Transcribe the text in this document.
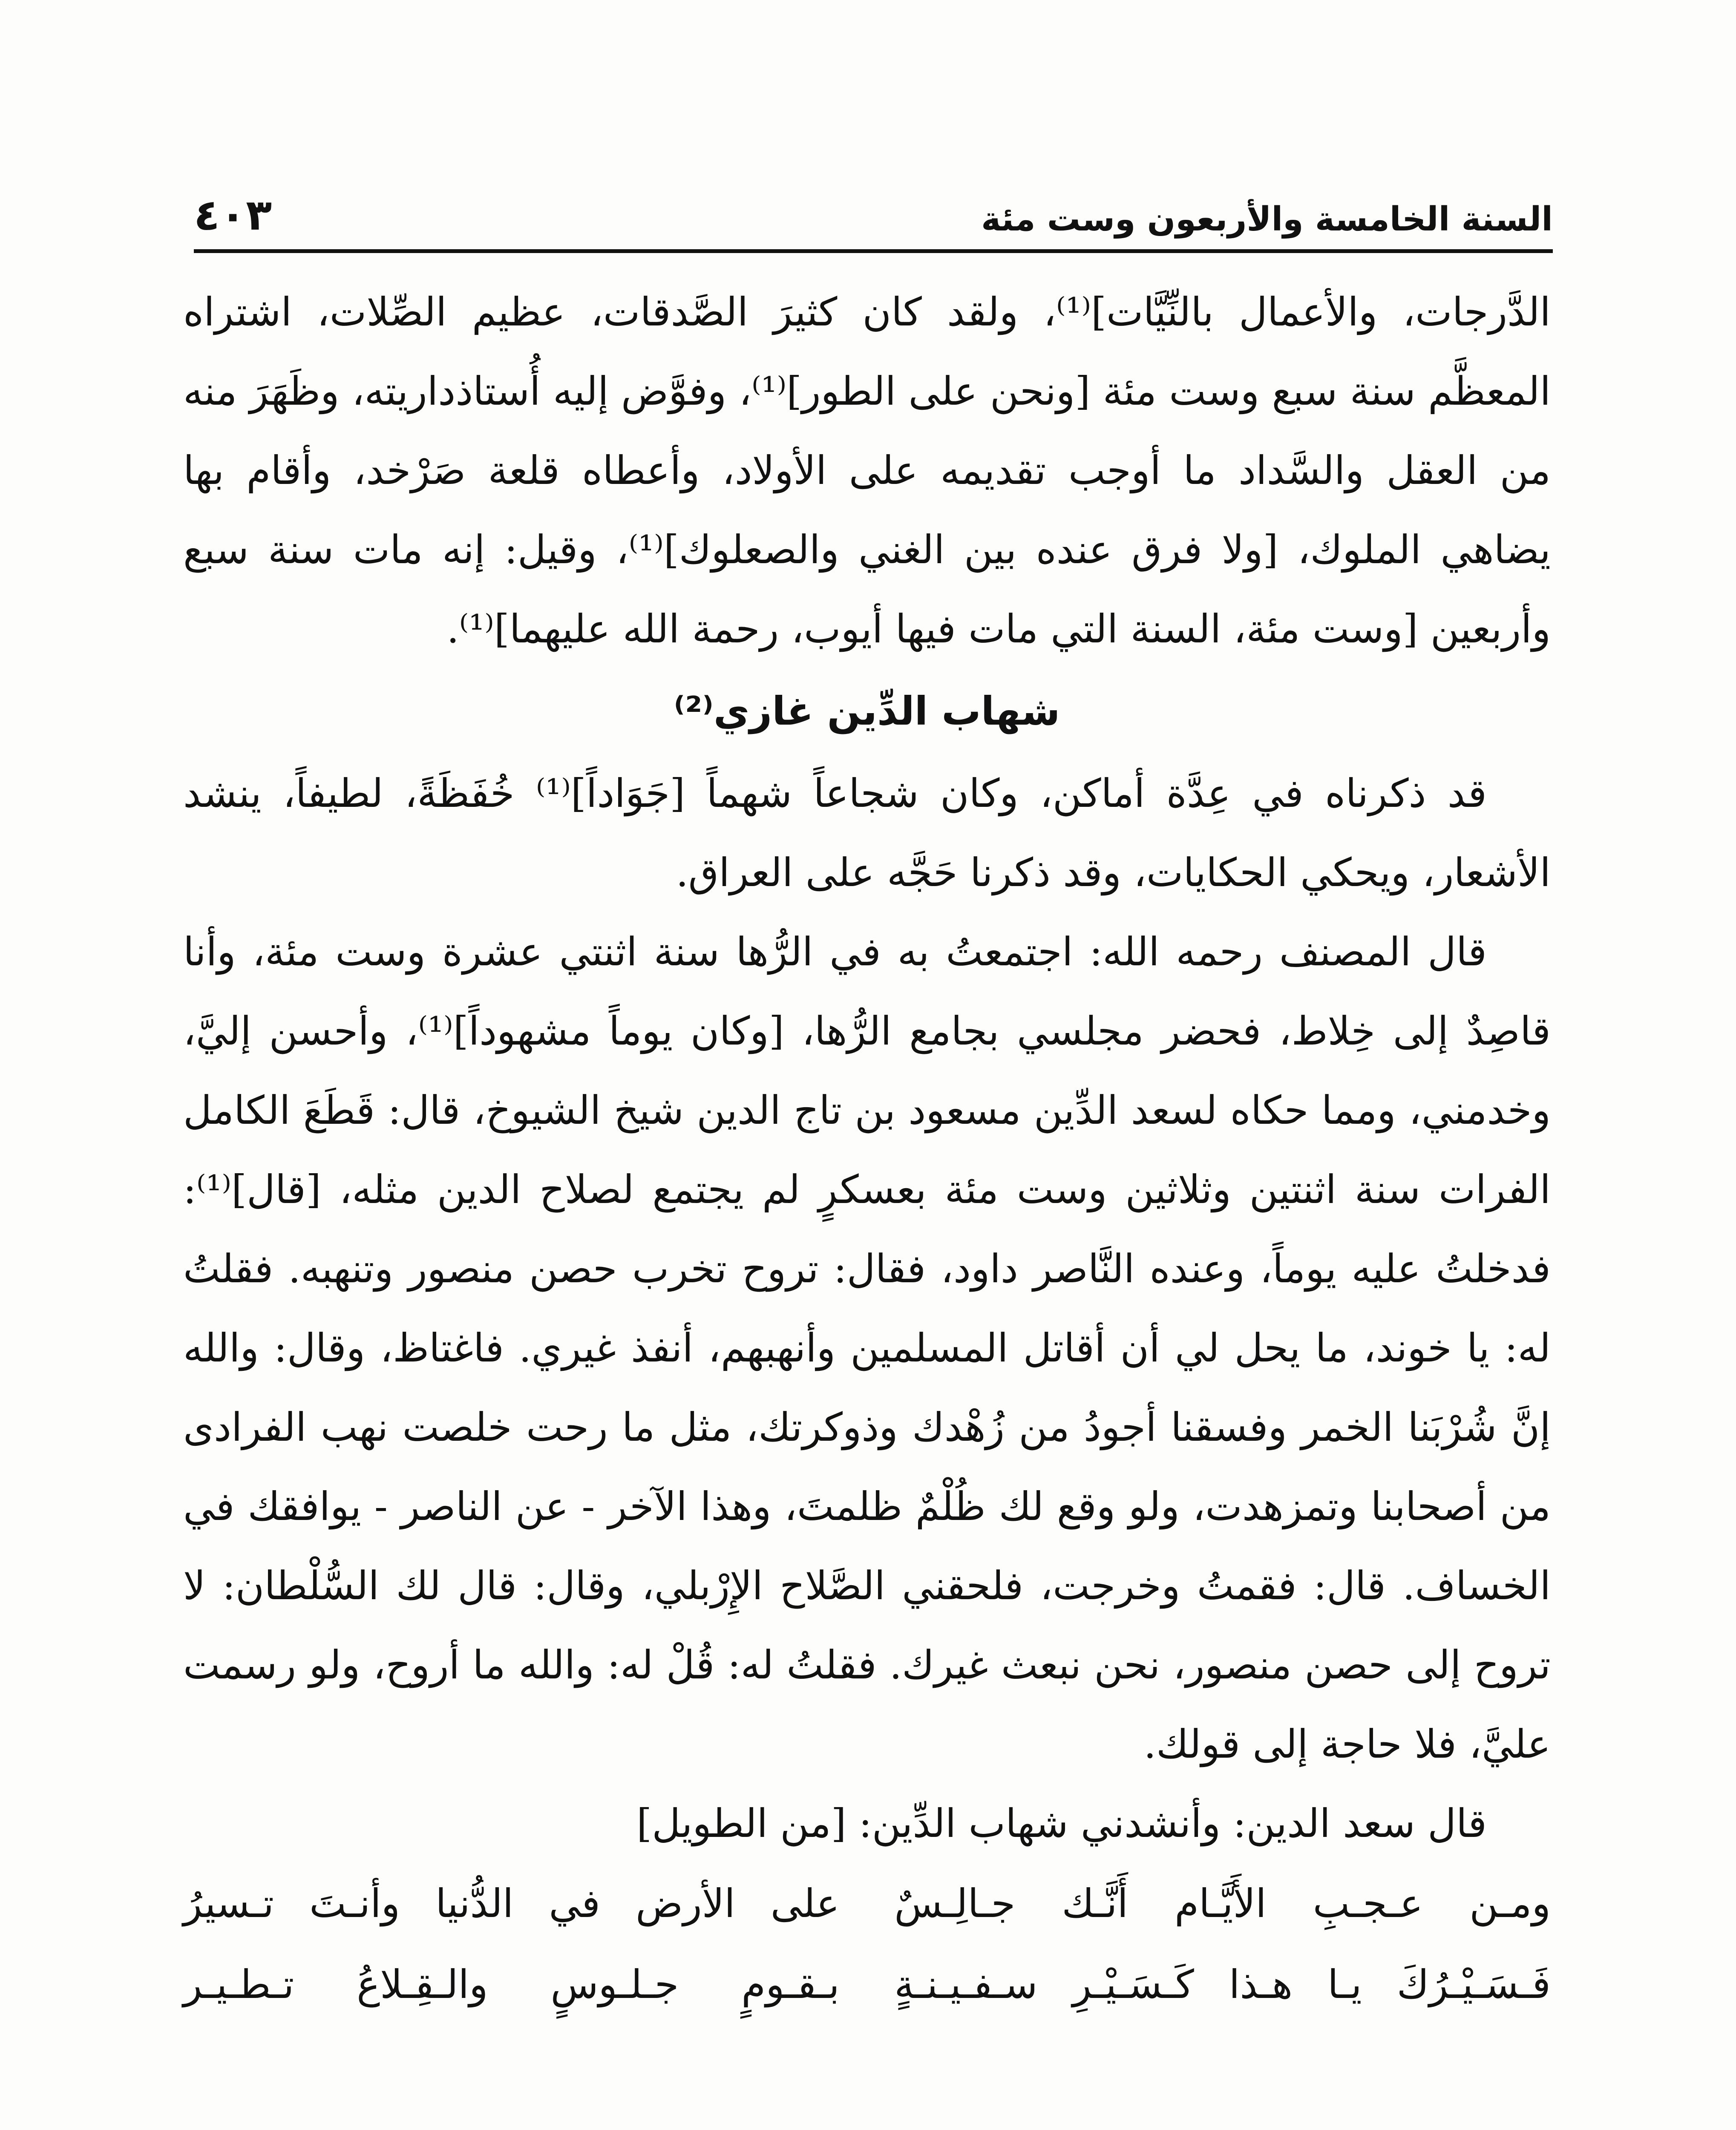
السنة الخامسة والأربعون وست مئة
٤٠٣

الدَّرجات، والأعمال بالنِّيَّات]⁽¹⁾، ولقد كان كثيرَ الصَّدقات، عظيم الصِّلات، اشتراه المعظَّم سنة سبع وست مئة [ونحن على الطور]⁽¹⁾، وفوَّض إليه أُستاذداريته، وظَهَرَ منه من العقل والسَّداد ما أوجب تقديمه على الأولاد، وأعطاه قلعة صَرْخد، وأقام بها يضاهي الملوك، [ولا فرق عنده بين الغني والصعلوك]⁽¹⁾، وقيل: إنه مات سنة سبع وأربعين [وست مئة، السنة التي مات فيها أيوب، رحمة الله عليهما]⁽¹⁾.

شهاب الدِّين غازي⁽²⁾

قد ذكرناه في عِدَّة أماكن، وكان شجاعاً شهماً [جَوَاداً]⁽¹⁾ خُفَظَةً، لطيفاً، ينشد الأشعار، ويحكي الحكايات، وقد ذكرنا حَجَّه على العراق.

قال المصنف رحمه الله: اجتمعتُ به في الرُّها سنة اثنتي عشرة وست مئة، وأنا قاصِدٌ إلى خِلاط، فحضر مجلسي بجامع الرُّها، [وكان يوماً مشهوداً]⁽¹⁾، وأحسن إليَّ، وخدمني، ومما حكاه لسعد الدِّين مسعود بن تاج الدين شيخ الشيوخ، قال: قَطَعَ الكامل الفرات سنة اثنتين وثلاثين وست مئة بعسكرٍ لم يجتمع لصلاح الدين مثله، [قال]⁽¹⁾: فدخلتُ عليه يوماً، وعنده النَّاصر داود، فقال: تروح تخرب حصن منصور وتنهبه. فقلتُ له: يا خوند، ما يحل لي أن أقاتل المسلمين وأنهبهم، أنفذ غيري. فاغتاظ، وقال: والله إنَّ شُرْبَنا الخمر وفسقنا أجودُ من زُهْدك وذوكرتك، مثل ما رحت خلصت نهب الفرادى من أصحابنا وتمزهدت، ولو وقع لك ظُلْمٌ ظلمتَ، وهذا الآخر - عن الناصر - يوافقك في الخساف. قال: فقمتُ وخرجت، فلحقني الصَّلاح الإِرْبلي، وقال: قال لك السُّلْطان: لا تروح إلى حصن منصور، نحن نبعث غيرك. فقلتُ له: قُلْ له: والله ما أروح، ولو رسمت عليَّ، فلا حاجة إلى قولك.

قال سعد الدين: وأنشدني شهاب الدِّين: [من الطويل]

ومـن عـجـبِ الأَيَّـام أَنَّـك جـالِـسٌ
على الأرض في الدُّنيا وأنـتَ تـسيرُ
فَـسَـيْـرُكَ يـا هـذا كَـسَـيْـرِ سـفـيـنـةٍ
بـقـومٍ جـلـوسٍ والـقِـلاعُ تـطـيـر
